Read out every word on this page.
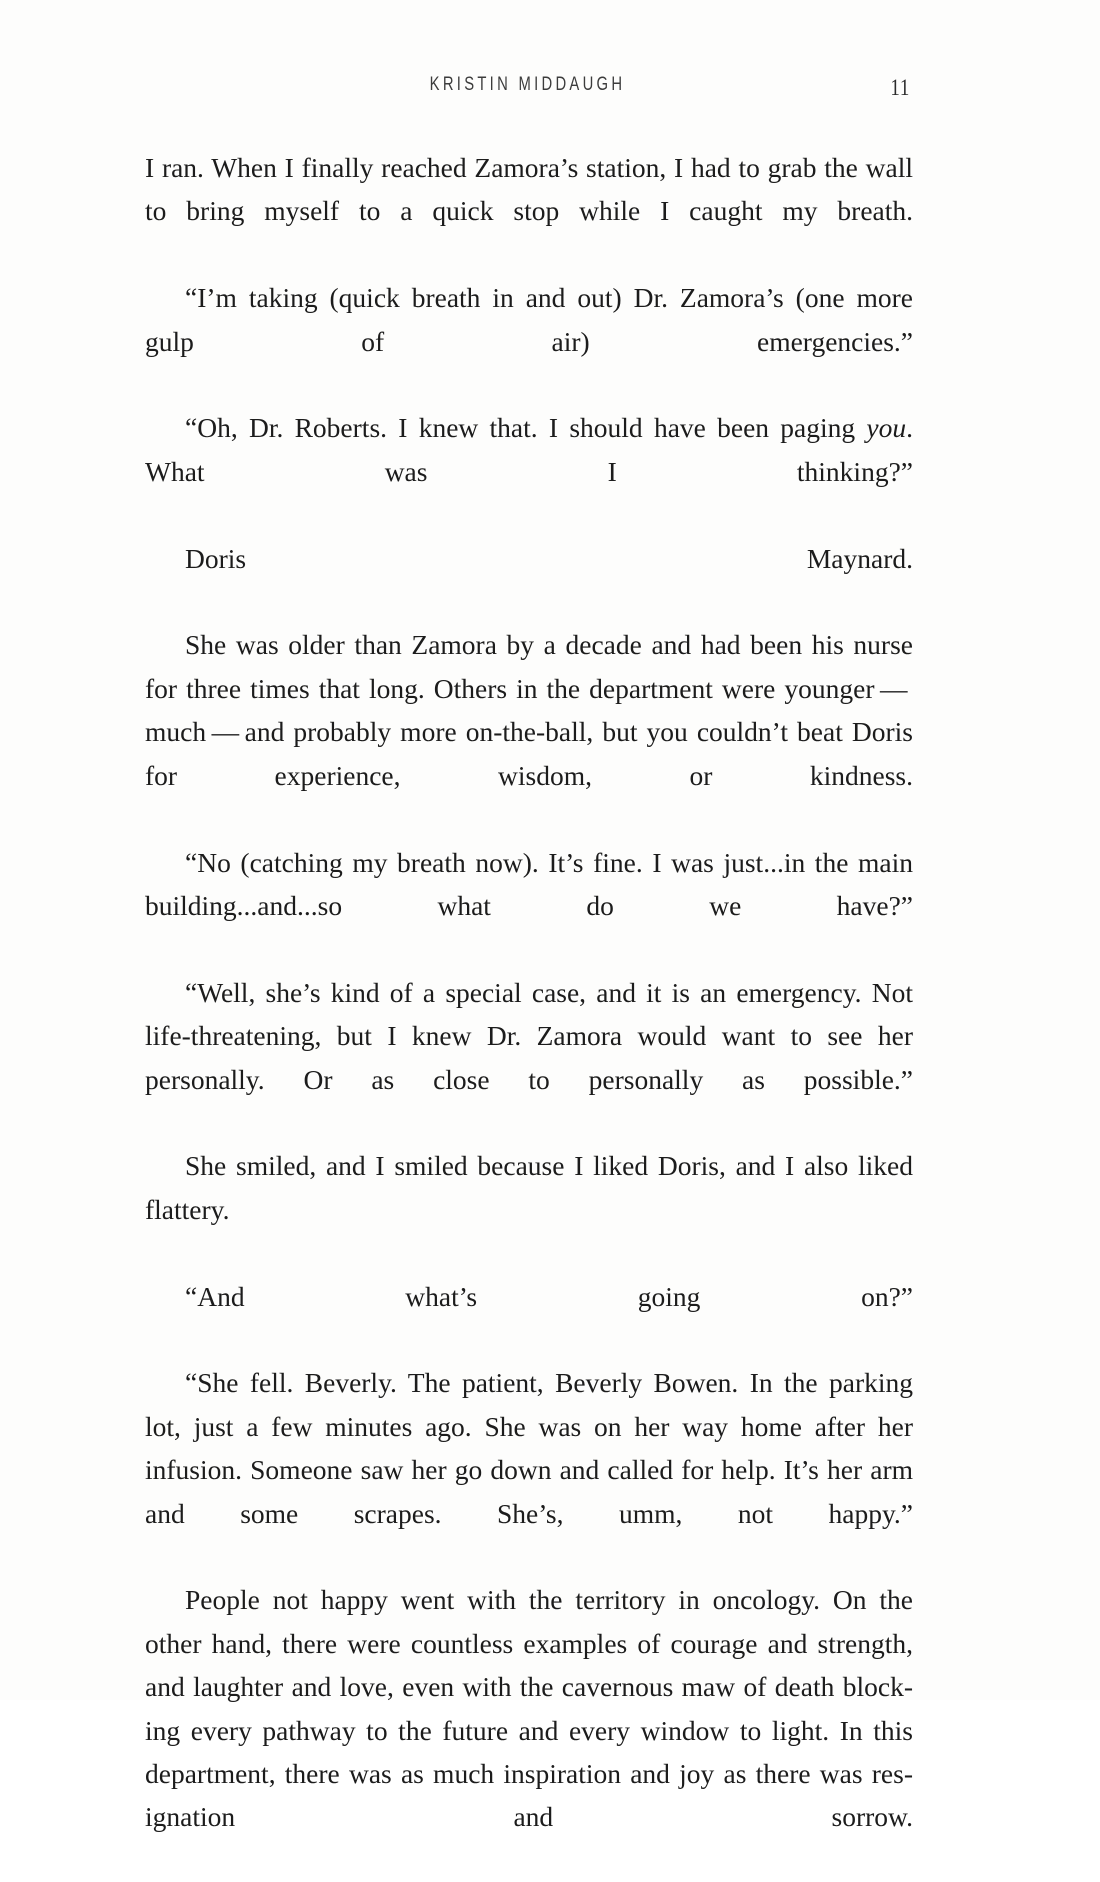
KRISTIN MIDDAUGH	11

I ran. When I finally reached Zamora’s station, I had to grab the wall to bring myself to a quick stop while I caught my breath.

“I’m taking (quick breath in and out) Dr. Zamora’s (one more gulp of air) emergencies.”

“Oh, Dr. Roberts. I knew that. I should have been paging you. What was I thinking?”

Doris Maynard.

She was older than Zamora by a decade and had been his nurse for three times that long. Others in the department were younger — much — and probably more on-the-ball, but you couldn’t beat Doris for experience, wisdom, or kindness.

“No (catching my breath now). It’s fine. I was just...in the main building...and...so what do we have?”

“Well, she’s kind of a special case, and it is an emergency. Not life-threatening, but I knew Dr. Zamora would want to see her personally. Or as close to personally as possible.”

She smiled, and I smiled because I liked Doris, and I also liked flattery.

“And what’s going on?”

“She fell. Beverly. The patient, Beverly Bowen. In the parking lot, just a few minutes ago. She was on her way home after her infusion. Someone saw her go down and called for help. It’s her arm and some scrapes. She’s, umm, not happy.”

People not happy went with the territory in oncology. On the other hand, there were countless examples of courage and strength, and laughter and love, even with the cavernous maw of death blocking every pathway to the future and every window to light. In this department, there was as much inspiration and joy as there was resignation and sorrow.
